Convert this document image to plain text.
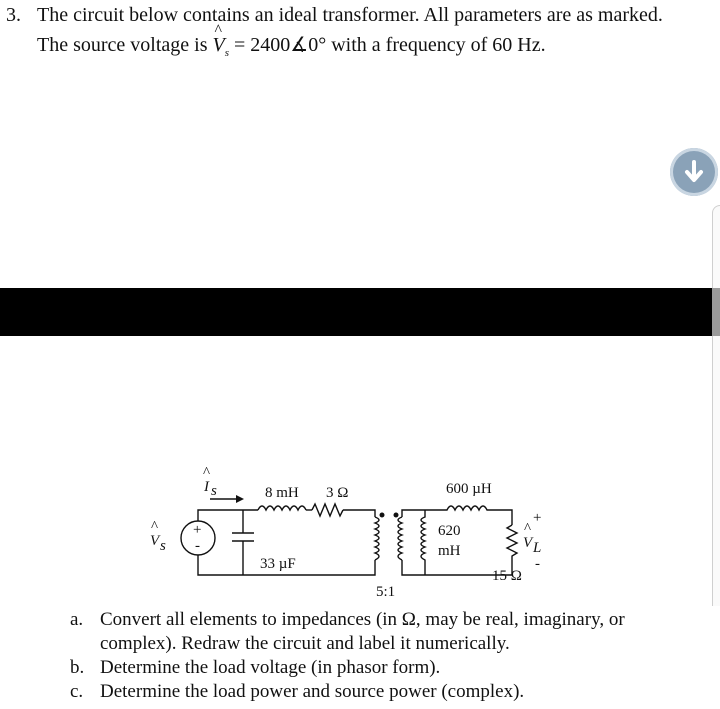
3. The circuit below contains an ideal transformer. All parameters are as marked.
The source voltage is ^ $V_s$ = 2400∡0° with a frequency of 60 Hz.
I
^
s
V
^
s
+
-
8 mH 3 Ω
33 µF
5:1
620
mH
600 µH
15 Ω
+
V
^
L
-
a. Convert all elements to impedances (in Ω, may be real, imaginary, or
complex). Redraw the circuit and label it numerically.
b. Determine the load voltage (in phasor form).
c. Determine the load power and source power (complex).
